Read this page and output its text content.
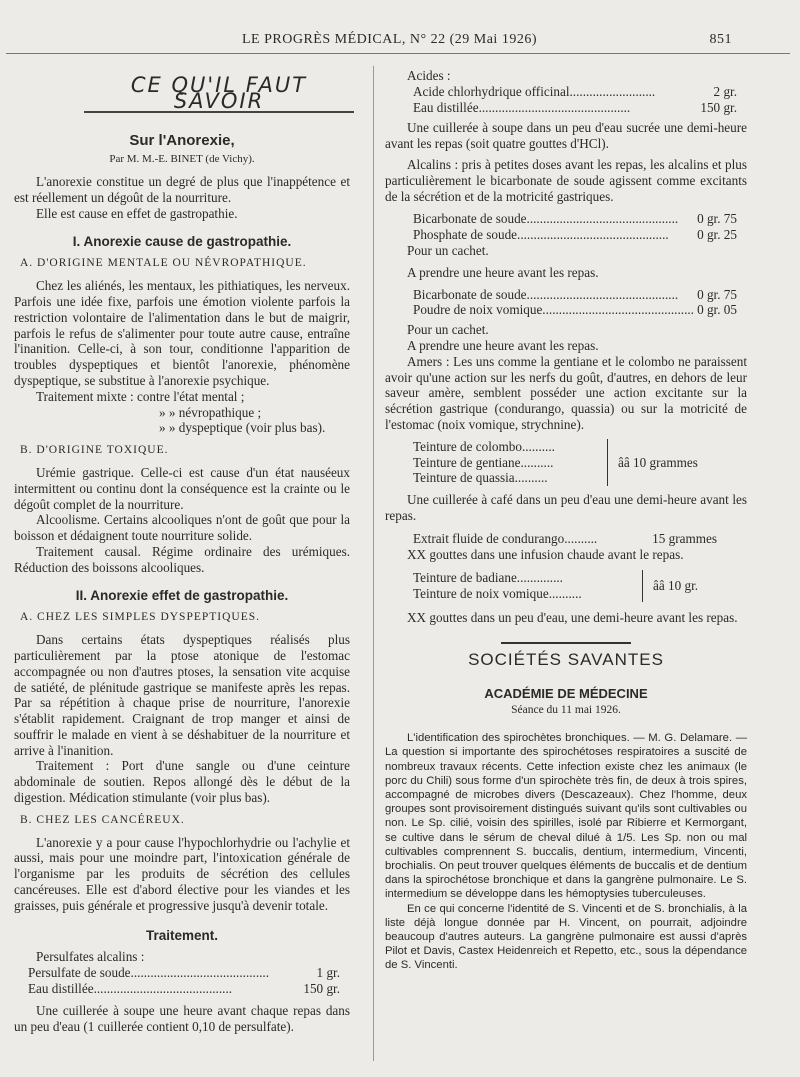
LE PROGRÈS MÉDICAL, N° 22 (29 Mai 1926)	851
CE QU'IL FAUT SAVOIR
Sur l'Anorexie,
Par M. M.-E. BINET (de Vichy).

L'anorexie constitue un degré de plus que l'inappétence et est réellement un dégoût de la nourriture.

Elle est cause en effet de gastropathie.

I. Anorexie cause de gastropathie.
A. D'ORIGINE MENTALE OU NÉVROPATHIQUE.

Chez les aliénés, les mentaux, les pithiatiques, les nerveux. Parfois une idée fixe, parfois une émotion violente parfois la restriction volontaire de l'alimentation dans le but de maigrir, parfois le refus de s'alimenter pour toute autre cause, entraîne l'inanition. Celle-ci, à son tour, conditionne l'apparition de troubles dyspeptiques et bientôt l'anorexie, phénomène dyspeptique, se substitue à l'anorexie psychique.

Traitement mixte : contre l'état mental ;
» » névropathique ;
» » dyspeptique (voir plus bas).
B. D'ORIGINE TOXIQUE.

Urémie gastrique. Celle-ci est cause d'un état nauséeux intermittent ou continu dont la conséquence est la crainte ou le dégoût complet de la nourriture.

Alcoolisme. Certains alcooliques n'ont de goût que pour la boisson et dédaignent toute nourriture solide.

Traitement causal. Régime ordinaire des urémiques. Réduction des boissons alcooliques.

II. Anorexie effet de gastropathie.
A. CHEZ LES SIMPLES DYSPEPTIQUES.

Dans certains états dyspeptiques réalisés plus particulièrement par la ptose atonique de l'estomac accompagnée ou non d'autres ptoses, la sensation vite acquise de satiété, de plénitude gastrique se manifeste après les repas. Par sa répétition à chaque prise de nourriture, l'anorexie s'établit rapidement. Craignant de trop manger et ainsi de souffrir le malade en vient à se déshabituer de la nourriture et arrive à l'inanition.

Traitement : Port d'une sangle ou d'une ceinture abdominale de soutien. Repos allongé dès le début de la digestion. Médication stimulante (voir plus bas).

B. CHEZ LES CANCÉREUX.

L'anorexie y a pour cause l'hypochlorhydrie ou l'achylie et aussi, mais pour une moindre part, l'intoxication générale de l'organisme par les produits de sécrétion des cellules cancéreuses. Elle est d'abord élective pour les viandes et les graisses, puis générale et progressive jusqu'à devenir totale.

Traitement.
Persulfates alcalins :
Persulfate de soude..........................................	1 gr.
Eau distillée..........................................	150 gr.

Une cuillerée à soupe une heure avant chaque repas dans un peu d'eau (1 cuillerée contient 0,10 de persulfate).

Acides :
Acide chlorhydrique officinal..........................	2 gr.
Eau distillée..............................................	150 gr.

Une cuillerée à soupe dans un peu d'eau sucrée une demi-heure avant les repas (soit quatre gouttes d'HCl).

Alcalins : pris à petites doses avant les repas, les alcalins et plus particulièrement le bicarbonate de soude agissent comme excitants de la sécrétion et de la motricité gastriques.

Bicarbonate de soude..............................................	0 gr. 75
Phosphate de soude..............................................	0 gr. 25
Pour un cachet.
A prendre une heure avant les repas.
Bicarbonate de soude..............................................	0 gr. 75
Poudre de noix vomique.............................................. 0 gr. 05
Pour un cachet.
A prendre une heure avant les repas.

Amers : Les uns comme la gentiane et le colombo ne paraissent avoir qu'une action sur les nerfs du goût, d'autres, en dehors de leur saveur amère, semblent posséder une action excitante sur la sécrétion gastrique (condurango, quassia) ou sur la motricité de l'estomac (noix vomique, strychnine).

Teinture de colombo..........
Teinture de gentiane..........
Teinture de quassia..........
ââ 10 grammes

Une cuillerée à café dans un peu d'eau une demi-heure avant les repas.

Extrait fluide de condurango..........	15 grammes
XX gouttes dans une infusion chaude avant le repas.
Teinture de badiane..............
Teinture de noix vomique..........
ââ 10 gr.

XX gouttes dans un peu d'eau, une demi-heure avant les repas.

SOCIÉTÉS SAVANTES
ACADÉMIE DE MÉDECINE
Séance du 11 mai 1926.

L'identification des spirochètes bronchiques. — M. G. Delamare. — La question si importante des spirochétoses respiratoires a suscité de nombreux travaux récents. Cette infection existe chez les animaux (le porc du Chili) sous forme d'un spirochète très fin, de deux à trois spires, accompagné de microbes divers (Descazeaux). Chez l'homme, deux groupes sont provisoirement distingués suivant qu'ils sont cultivables ou non. Le Sp. cilié, voisin des spirilles, isolé par Ribierre et Kermorgant, se cultive dans le sérum de cheval dilué à 1/5. Les Sp. non ou mal cultivables comprennent S. buccalis, dentium, intermedium, Vincenti, brochialis. On peut trouver quelques éléments de buccalis et de dentium dans la spirochétose bronchique et dans la gangrène pulmonaire. Le S. intermedium se développe dans les hémoptysies tuberculeuses.

En ce qui concerne l'identité de S. Vincenti et de S. bronchialis, à la liste déjà longue donnée par H. Vincent, on pourrait, adjoindre beaucoup d'autres auteurs. La gangrène pulmonaire est aussi d'après Pilot et Davis, Castex Heidenreich et Repetto, etc., sous la dépendance de S. Vincenti.
